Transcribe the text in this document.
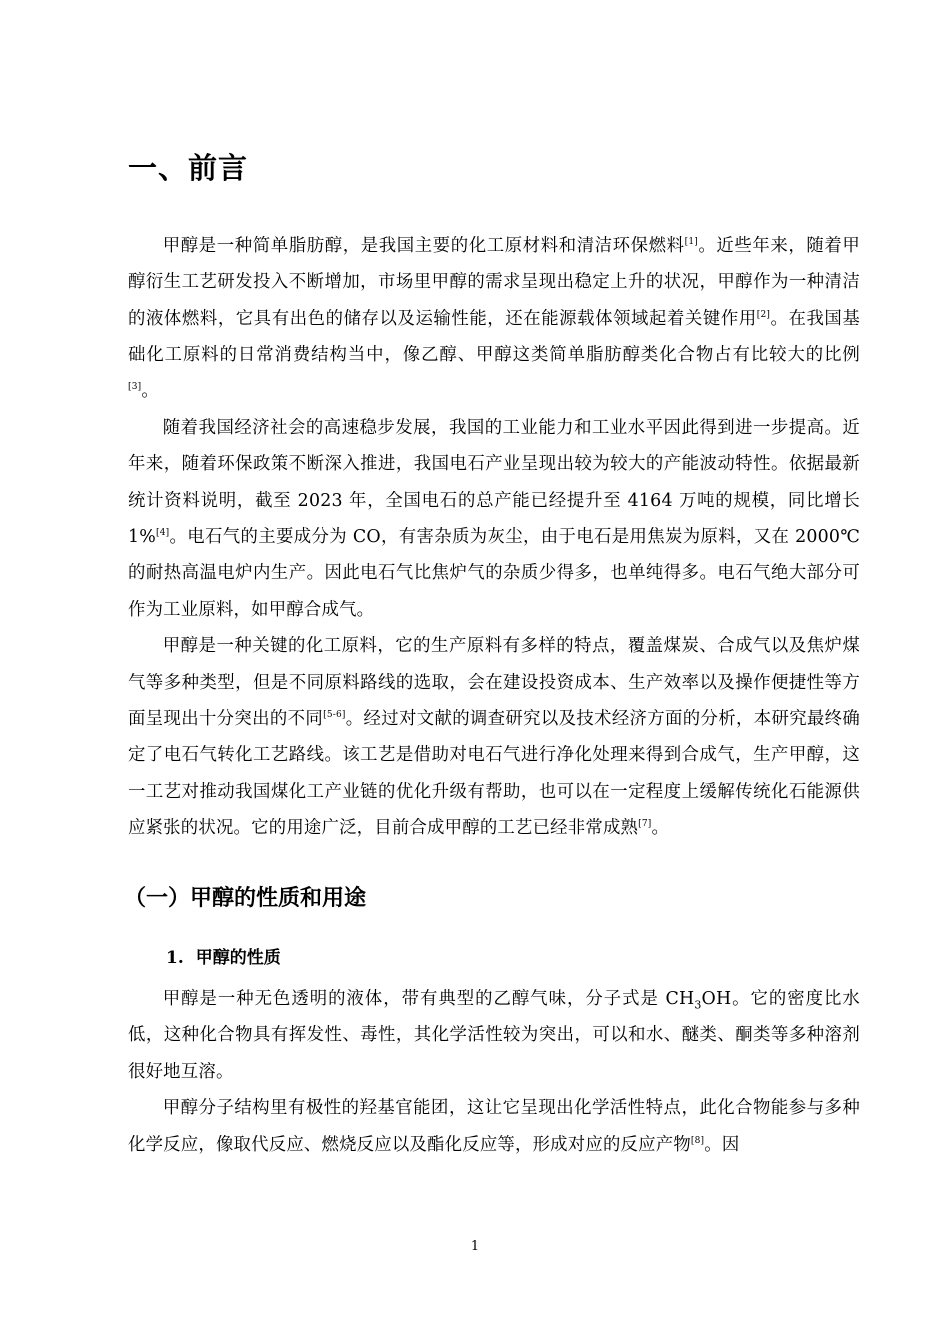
一、前言

甲醇是一种简单脂肪醇，是我国主要的化工原材料和清洁环保燃料[1]。近些年来，随着甲醇衍生工艺研发投入不断增加，市场里甲醇的需求呈现出稳定上升的状况，甲醇作为一种清洁的液体燃料，它具有出色的储存以及运输性能，还在能源载体领域起着关键作用[2]。在我国基础化工原料的日常消费结构当中，像乙醇、甲醇这类简单脂肪醇类化合物占有比较大的比例[3]。

随着我国经济社会的高速稳步发展，我国的工业能力和工业水平因此得到进一步提高。近年来，随着环保政策不断深入推进，我国电石产业呈现出较为较大的产能波动特性。依据最新统计资料说明，截至 2023 年，全国电石的总产能已经提升至 4164 万吨的规模，同比增长 1%[4]。电石气的主要成分为 CO，有害杂质为灰尘，由于电石是用焦炭为原料，又在 2000℃的耐热高温电炉内生产。因此电石气比焦炉气的杂质少得多，也单纯得多。电石气绝大部分可作为工业原料，如甲醇合成气。

甲醇是一种关键的化工原料，它的生产原料有多样的特点，覆盖煤炭、合成气以及焦炉煤气等多种类型，但是不同原料路线的选取，会在建设投资成本、生产效率以及操作便捷性等方面呈现出十分突出的不同[5-6]。经过对文献的调查研究以及技术经济方面的分析，本研究最终确定了电石气转化工艺路线。该工艺是借助对电石气进行净化处理来得到合成气，生产甲醇，这一工艺对推动我国煤化工产业链的优化升级有帮助，也可以在一定程度上缓解传统化石能源供应紧张的状况。它的用途广泛，目前合成甲醇的工艺已经非常成熟[7]。

（一）甲醇的性质和用途
1. 甲醇的性质

甲醇是一种无色透明的液体，带有典型的乙醇气味，分子式是 $CH_3OH$。它的密度比水低，这种化合物具有挥发性、毒性，其化学活性较为突出，可以和水、醚类、酮类等多种溶剂很好地互溶。

甲醇分子结构里有极性的羟基官能团，这让它呈现出化学活性特点，此化合物能参与多种化学反应，像取代反应、燃烧反应以及酯化反应等，形成对应的反应产物[8]。因

1
